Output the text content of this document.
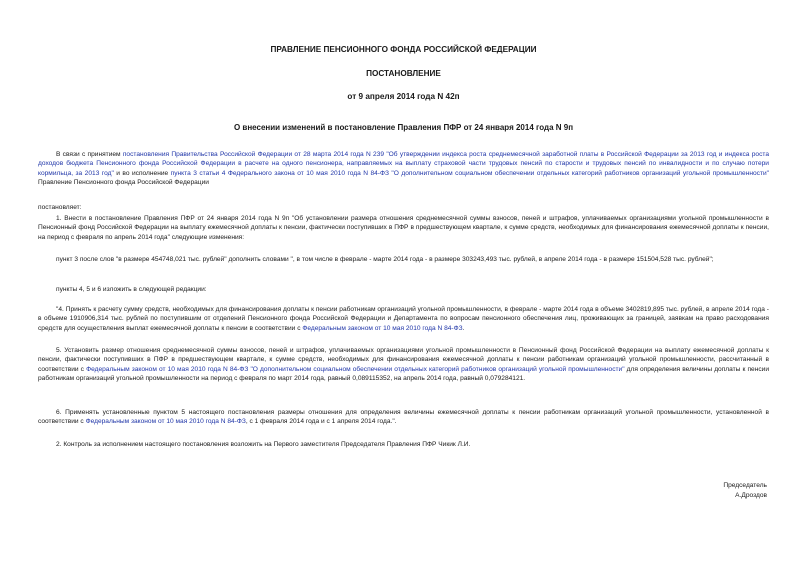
ПРАВЛЕНИЕ ПЕНСИОННОГО ФОНДА РОССИЙСКОЙ ФЕДЕРАЦИИ
ПОСТАНОВЛЕНИЕ
от 9 апреля 2014 года N 42п
О внесении изменений в постановление Правления ПФР от 24 января 2014 года N 9п
В связи с принятием постановления Правительства Российской Федерации от 28 марта 2014 года N 239 "Об утверждении индекса роста среднемесячной заработной платы в Российской Федерации за 2013 год и индекса роста доходов бюджета Пенсионного фонда Российской Федерации в расчете на одного пенсионера, направляемых на выплату страховой части трудовых пенсий по старости и трудовых пенсий по инвалидности и по случаю потери кормильца, за 2013 год" и во исполнение пункта 3 статьи 4 Федерального закона от 10 мая 2010 года N 84-ФЗ "О дополнительном социальном обеспечении отдельных категорий работников организаций угольной промышленности" Правление Пенсионного фонда Российской Федерации
постановляет:
1. Внести в постановление Правления ПФР от 24 января 2014 года N 9п "Об установлении размера отношения среднемесячной суммы взносов, пеней и штрафов, уплачиваемых организациями угольной промышленности в Пенсионный фонд Российской Федерации на выплату ежемесячной доплаты к пенсии, фактически поступивших в ПФР в предшествующем квартале, к сумме средств, необходимых для финансирования ежемесячной доплаты к пенсии, на период с февраля по апрель 2014 года" следующие изменения:
пункт 3 после слов "в размере 454748,021 тыс. рублей" дополнить словами ", в том числе в феврале - марте 2014 года - в размере 303243,493 тыс. рублей, в апреле 2014 года - в размере 151504,528 тыс. рублей";
пункты 4, 5 и 6 изложить в следующей редакции:
"4. Принять к расчету сумму средств, необходимых для финансирования доплаты к пенсии работникам организаций угольной промышленности, в феврале - марте 2014 года в объеме 3402819,895 тыс. рублей, в апреле 2014 года - в объеме 1910906,314 тыс. рублей по поступившим от отделений Пенсионного фонда Российской Федерации и Департамента по вопросам пенсионного обеспечения лиц, проживающих за границей, заявкам на право расходования средств для осуществления выплат ежемесячной доплаты к пенсии в соответствии с Федеральным законом от 10 мая 2010 года N 84-ФЗ.
5. Установить размер отношения среднемесячной суммы взносов, пеней и штрафов, уплачиваемых организациями угольной промышленности в Пенсионный фонд Российской Федерации на выплату ежемесячной доплаты к пенсии, фактически поступивших в ПФР в предшествующем квартале, к сумме средств, необходимых для финансирования ежемесячной доплаты к пенсии работникам организаций угольной промышленности, рассчитанный в соответствии с Федеральным законом от 10 мая 2010 года N 84-ФЗ "О дополнительном социальном обеспечении отдельных категорий работников организаций угольной промышленности" для определения величины доплаты к пенсии работникам организаций угольной промышленности на период с февраля по март 2014 года, равный 0,089115352, на апрель 2014 года, равный 0,079284121.
6. Применять установленные пунктом 5 настоящего постановления размеры отношения для определения величины ежемесячной доплаты к пенсии работникам организаций угольной промышленности, установленной в соответствии с Федеральным законом от 10 мая 2010 года N 84-ФЗ, с 1 февраля 2014 года и с 1 апреля 2014 года.".
2. Контроль за исполнением настоящего постановления возложить на Первого заместителя Председателя Правления ПФР Чикик Л.И.
Председатель
А.Дроздов
